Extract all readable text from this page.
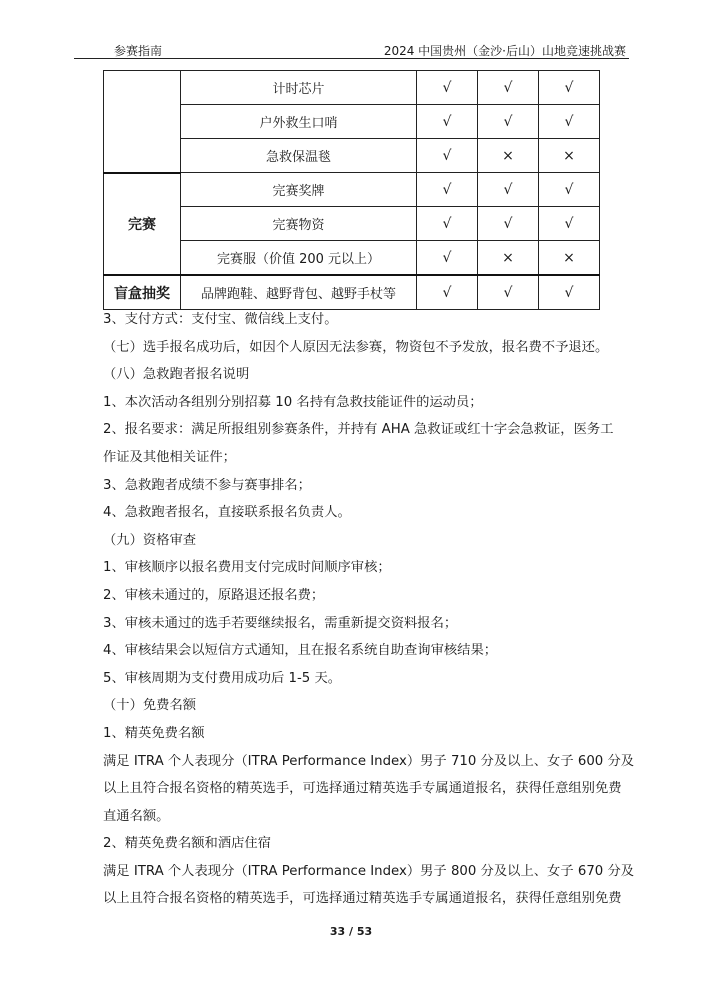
参赛指南	2024 中国贵州（金沙·后山）山地竞速挑战赛
	计时芯片	√	√	√
	户外救生口哨	√	√	√
	急救保温毯	√	×	×
完赛	完赛奖牌	√	√	√
	完赛物资	√	√	√
	完赛服（价值 200 元以上）	√	×	×
盲盒抽奖	品牌跑鞋、越野背包、越野手杖等	√	√	√

3、支付方式：支付宝、微信线上支付。

（七）选手报名成功后，如因个人原因无法参赛，物资包不予发放，报名费不予退还。

（八）急救跑者报名说明

1、本次活动各组别分别招募 10 名持有急救技能证件的运动员；

2、报名要求：满足所报组别参赛条件，并持有 AHA 急救证或红十字会急救证，医务工

作证及其他相关证件；

3、急救跑者成绩不参与赛事排名；

4、急救跑者报名，直接联系报名负责人。

（九）资格审查

1、审核顺序以报名费用支付完成时间顺序审核；

2、审核未通过的，原路退还报名费；

3、审核未通过的选手若要继续报名，需重新提交资料报名；

4、审核结果会以短信方式通知，且在报名系统自助查询审核结果；

5、审核周期为支付费用成功后 1-5 天。

（十）免费名额

1、精英免费名额

满足 ITRA 个人表现分（ITRA Performance Index）男子 710 分及以上、女子 600 分及

以上且符合报名资格的精英选手，可选择通过精英选手专属通道报名，获得任意组别免费

直通名额。

2、精英免费名额和酒店住宿

满足 ITRA 个人表现分（ITRA Performance Index）男子 800 分及以上、女子 670 分及

以上且符合报名资格的精英选手，可选择通过精英选手专属通道报名，获得任意组别免费

33 / 53
